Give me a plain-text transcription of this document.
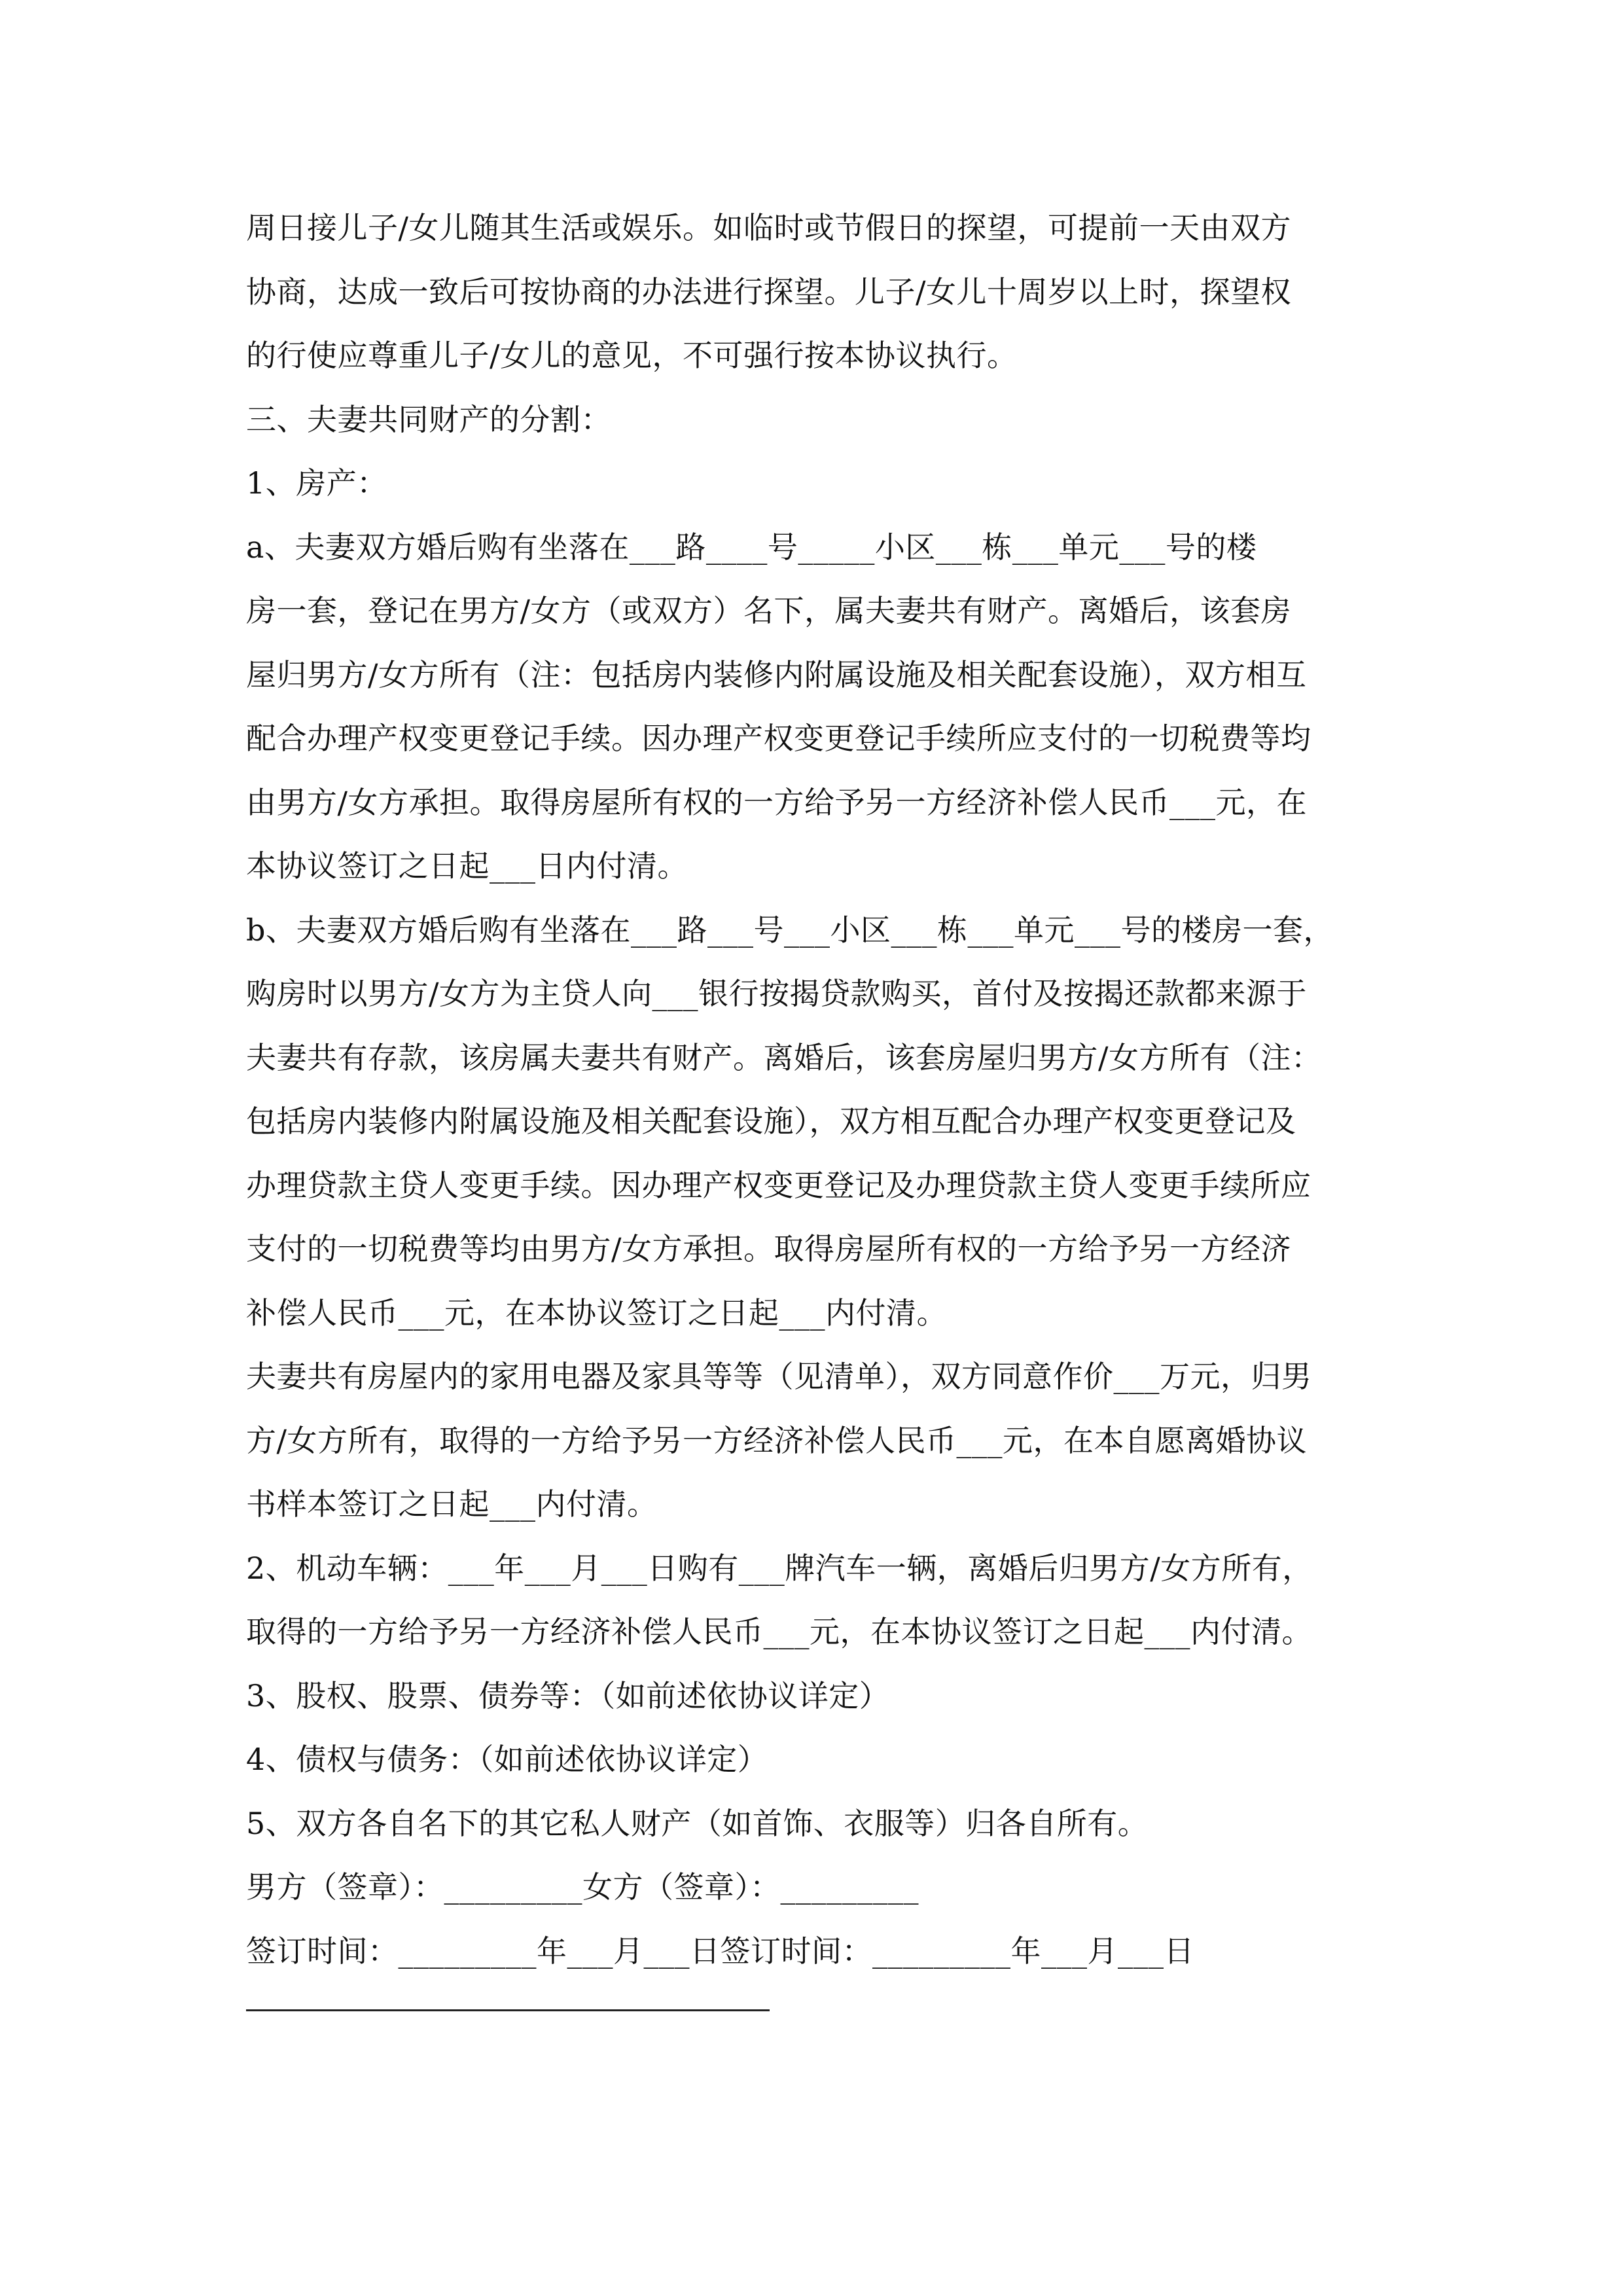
周日接儿子/女儿随其生活或娱乐。如临时或节假日的探望，可提前一天由双方
协商，达成一致后可按协商的办法进行探望。儿子/女儿十周岁以上时，探望权
的行使应尊重儿子/女儿的意见，不可强行按本协议执行。
三、夫妻共同财产的分割：
1、房产：
a、夫妻双方婚后购有坐落在___路____号_____小区___栋___单元___号的楼
房一套，登记在男方/女方（或双方）名下，属夫妻共有财产。离婚后，该套房
屋归男方/女方所有（注：包括房内装修内附属设施及相关配套设施），双方相互
配合办理产权变更登记手续。因办理产权变更登记手续所应支付的一切税费等均
由男方/女方承担。取得房屋所有权的一方给予另一方经济补偿人民币___元，在
本协议签订之日起___日内付清。
b、夫妻双方婚后购有坐落在___路___号___小区___栋___单元___号的楼房一套，
购房时以男方/女方为主贷人向___银行按揭贷款购买，首付及按揭还款都来源于
夫妻共有存款，该房属夫妻共有财产。离婚后，该套房屋归男方/女方所有（注：
包括房内装修内附属设施及相关配套设施），双方相互配合办理产权变更登记及
办理贷款主贷人变更手续。因办理产权变更登记及办理贷款主贷人变更手续所应
支付的一切税费等均由男方/女方承担。取得房屋所有权的一方给予另一方经济
补偿人民币___元，在本协议签订之日起___内付清。
夫妻共有房屋内的家用电器及家具等等（见清单），双方同意作价___万元，归男
方/女方所有，取得的一方给予另一方经济补偿人民币___元，在本自愿离婚协议
书样本签订之日起___内付清。
2、机动车辆：___年___月___日购有___牌汽车一辆，离婚后归男方/女方所有，
取得的一方给予另一方经济补偿人民币___元，在本协议签订之日起___内付清。
3、股权、股票、债券等：（如前述依协议详定）
4、债权与债务：（如前述依协议详定）
5、双方各自名下的其它私人财产（如首饰、衣服等）归各自所有。
男方（签章）：_________女方（签章）：_________
签订时间：_________年___月___日签订时间：_________年___月___日
